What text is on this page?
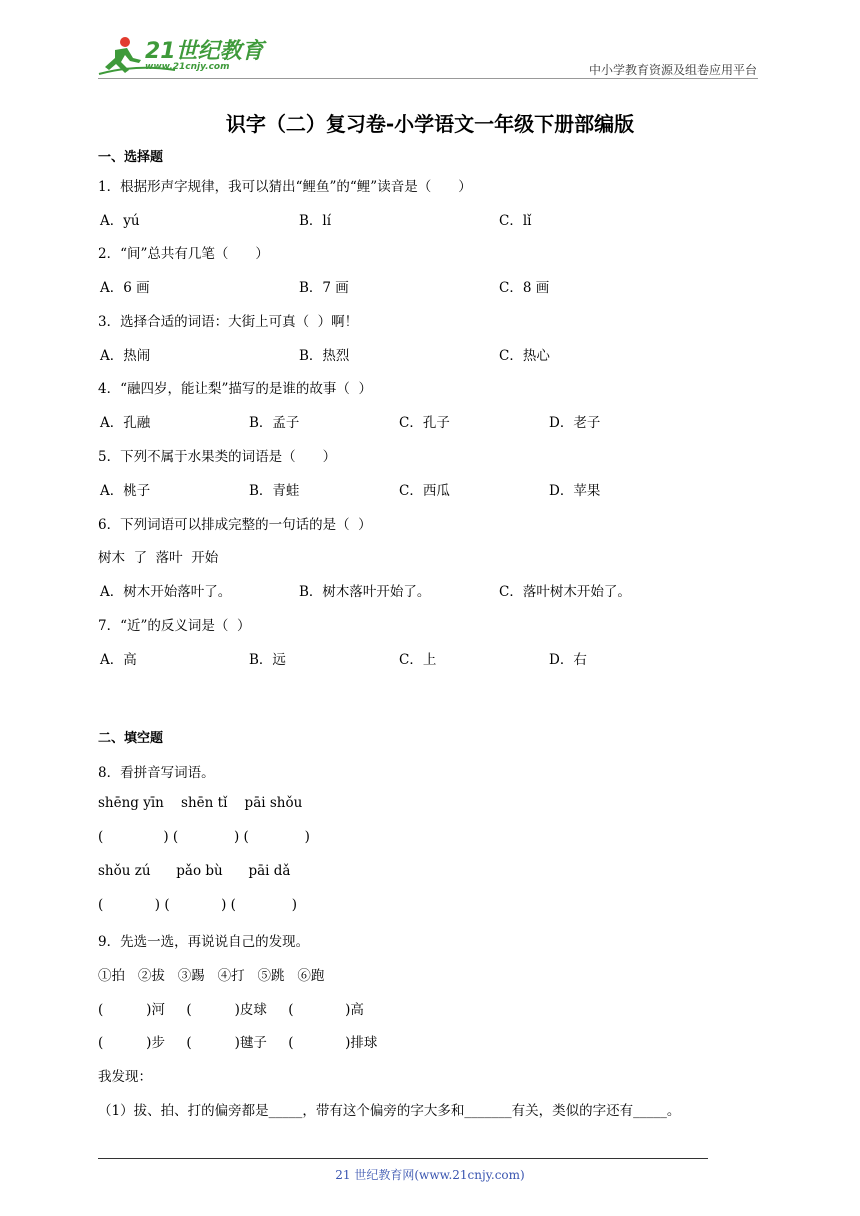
21世纪教育
www.21cnjy.com	中小学教育资源及组卷应用平台
识字（二）复习卷-小学语文一年级下册部编版
一、选择题
1．根据形声字规律，我可以猜出“鲤鱼”的“鲤”读音是（　　）
A．yú	B．lí	C．lǐ
2．“间”总共有几笔（　　）
A．6 画	B．7 画	C．8 画
3．选择合适的词语：大街上可真（  ）啊！
A．热闹	B．热烈	C．热心
4．“融四岁，能让梨”描写的是谁的故事（  ）
A．孔融	B．孟子	C．孔子	D．老子
5．下列不属于水果类的词语是（　　）
A．桃子	B．青蛙	C．西瓜	D．苹果
6．下列词语可以排成完整的一句话的是（  ）
树木  了  落叶  开始
A．树木开始落叶了。	B．树木落叶开始了。	C．落叶树木开始了。
7．“近”的反义词是（  ）
A．高	B．远	C．上	D．右
二、填空题
8．看拼音写词语。
shēng yīn    shēn tǐ    pāi shǒu
(              ) (             ) (             )
shǒu zú      pǎo bù      pāi dǎ
(            ) (            ) (             )
9．先选一选，再说说自己的发现。
①拍   ②拔   ③踢   ④打   ⑤跳   ⑥跑
(          )河     (          )皮球     (            )高
(          )步     (          )毽子     (            )排球
我发现：
（1）拔、拍、打的偏旁都是_____，带有这个偏旁的字大多和_______有关，类似的字还有_____。
21 世纪教育网(www.21cnjy.com)
